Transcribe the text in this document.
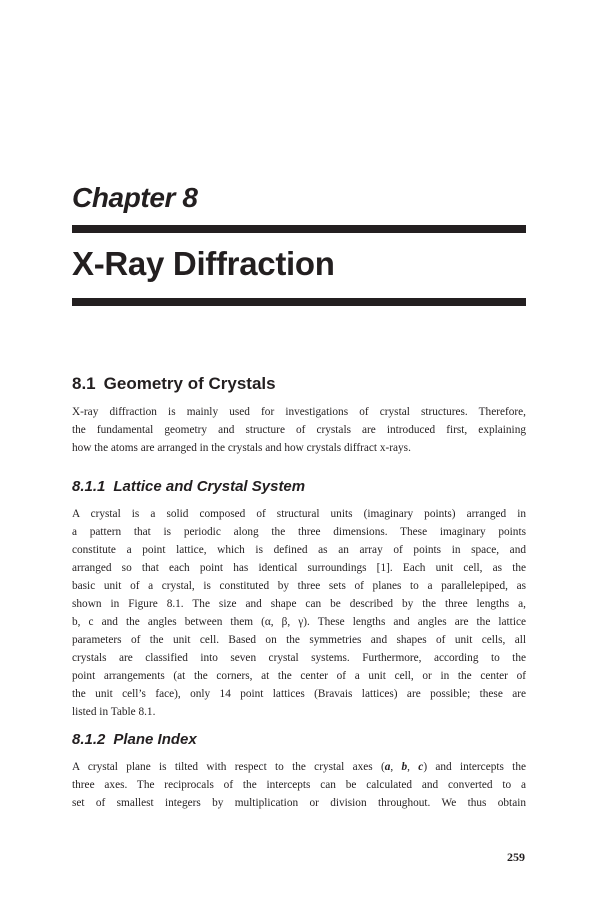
Chapter 8
X-Ray Diffraction
8.1 Geometry of Crystals
X-ray diffraction is mainly used for investigations of crystal structures. Therefore,
the fundamental geometry and structure of crystals are introduced first, explaining
how the atoms are arranged in the crystals and how crystals diffract x-rays.
8.1.1 Lattice and Crystal System
A crystal is a solid composed of structural units (imaginary points) arranged in
a pattern that is periodic along the three dimensions. These imaginary points
constitute a point lattice, which is defined as an array of points in space, and
arranged so that each point has identical surroundings [1]. Each unit cell, as the
basic unit of a crystal, is constituted by three sets of planes to a parallelepiped, as
shown in Figure 8.1. The size and shape can be described by the three lengths a,
b, c and the angles between them (α, β, γ). These lengths and angles are the lattice
parameters of the unit cell. Based on the symmetries and shapes of unit cells, all
crystals are classified into seven crystal systems. Furthermore, according to the
point arrangements (at the corners, at the center of a unit cell, or in the center of
the unit cell’s face), only 14 point lattices (Bravais lattices) are possible; these are
listed in Table 8.1.
8.1.2 Plane Index
A crystal plane is tilted with respect to the crystal axes (a, b, c) and intercepts the
three axes. The reciprocals of the intercepts can be calculated and converted to a
set of smallest integers by multiplication or division throughout. We thus obtain
259
